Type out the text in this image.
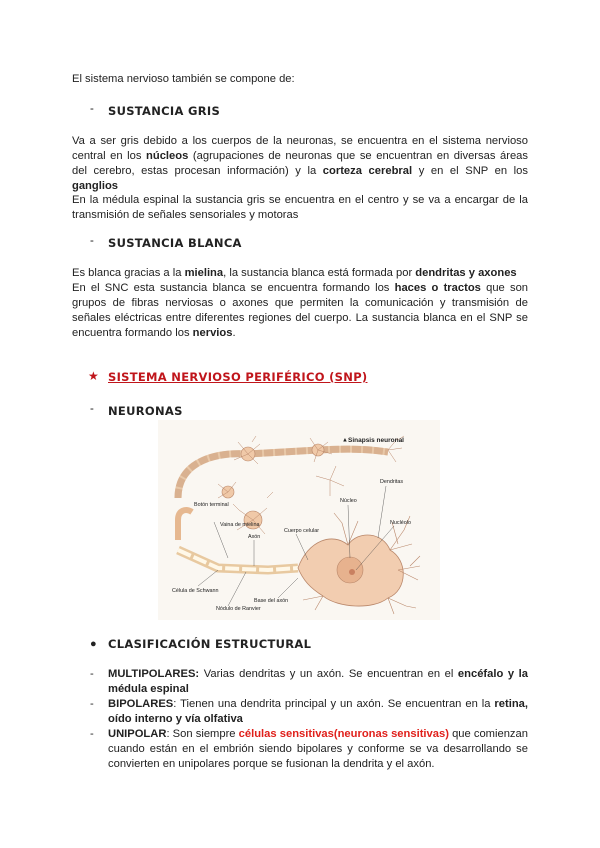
El sistema nervioso también se compone de:

- SUSTANCIA GRIS

Va a ser gris debido a los cuerpos de la neuronas, se encuentra en el sistema nervioso central en los núcleos (agrupaciones de neuronas que se encuentran en diversas áreas del cerebro, estas procesan información) y la corteza cerebral y en el SNP en los ganglios

En la médula espinal la sustancia gris se encuentra en el centro y se va a encargar de la transmisión de señales sensoriales y motoras

- SUSTANCIA BLANCA

Es blanca gracias a la mielina, la sustancia blanca está formada por dendritas y axones

En el SNC esta sustancia blanca se encuentra formando los haces o tractos que son grupos de fibras nerviosas o axones que permiten la comunicación y transmisión de señales eléctricas entre diferentes regiones del cuerpo. La sustancia blanca en el SNP se encuentra formando los nervios.

★ SISTEMA NERVIOSO PERIFÉRICO (SNP)
- NEURONAS
Sinapsis neuronal
▲
Dendritas
Núcleo
Nucléolo
Botón terminal
Vaina de mielina
Axón
Cuerpo celular
Célula de Schwann
Base del axón
Nódulo de Ranvier
● CLASIFICACIÓN ESTRUCTURAL
- MULTIPOLARES: Varias dendritas y un axón. Se encuentran en el encéfalo y la médula espinal

- BIPOLARES: Tienen una dendrita principal y un axón. Se encuentran en la retina, oído interno y vía olfativa

- UNIPOLAR: Son siempre células sensitivas(neuronas sensitivas) que comienzan cuando están en el embrión siendo bipolares y conforme se va desarrollando se convierten en unipolares porque se fusionan la dendrita y el axón.
